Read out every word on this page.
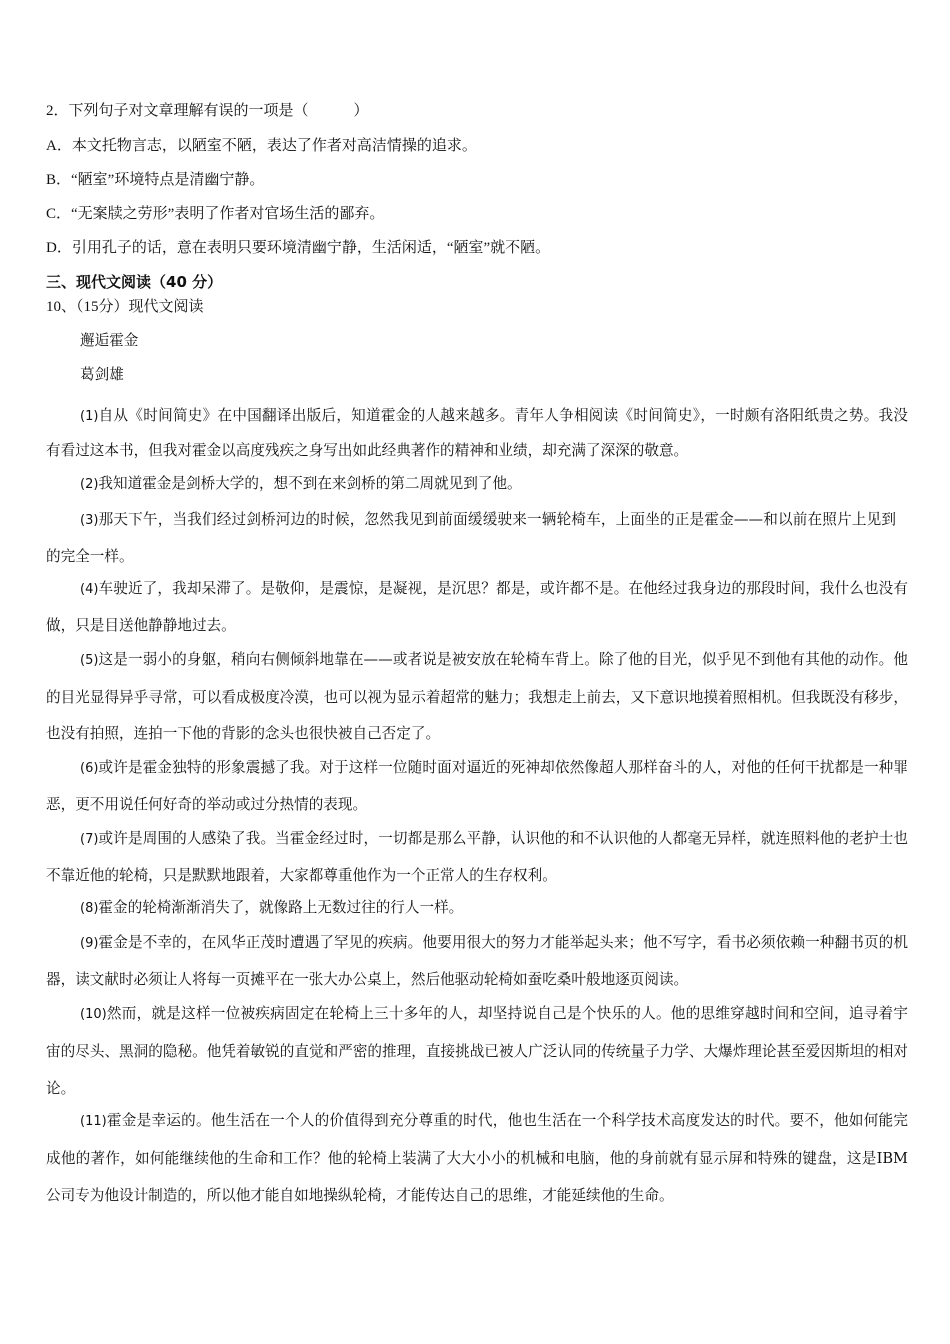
2．下列句子对文章理解有误的一项是（　　　）
A．本文托物言志，以陋室不陋，表达了作者对高洁情操的追求。
B．“陋室”环境特点是清幽宁静。
C．“无案牍之劳形”表明了作者对官场生活的鄙弃。
D．引用孔子的话，意在表明只要环境清幽宁静，生活闲适，“陋室”就不陋。
三、现代文阅读（40 分）
10、（15分）现代文阅读
邂逅霍金
葛剑雄
(1)自从《时间简史》在中国翻译出版后，知道霍金的人越来越多。青年人争相阅读《时间简史》，一时颇有洛阳纸贵之势。我没有看过这本书，但我对霍金以高度残疾之身写出如此经典著作的精神和业绩，却充满了深深的敬意。
(2)我知道霍金是剑桥大学的，想不到在来剑桥的第二周就见到了他。
(3)那天下午，当我们经过剑桥河边的时候，忽然我见到前面缓缓驶来一辆轮椅车，上面坐的正是霍金——和以前在照片上见到的完全一样。
(4)车驶近了，我却呆滞了。是敬仰，是震惊，是凝视，是沉思？都是，或许都不是。在他经过我身边的那段时间，我什么也没有做，只是目送他静静地过去。
(5)这是一弱小的身躯，稍向右侧倾斜地靠在——或者说是被安放在轮椅车背上。除了他的目光，似乎见不到他有其他的动作。他的目光显得异乎寻常，可以看成极度冷漠，也可以视为显示着超常的魅力；我想走上前去，又下意识地摸着照相机。但我既没有移步，也没有拍照，连拍一下他的背影的念头也很快被自己否定了。
(6)或许是霍金独特的形象震撼了我。对于这样一位随时面对逼近的死神却依然像超人那样奋斗的人，对他的任何干扰都是一种罪恶，更不用说任何好奇的举动或过分热情的表现。
(7)或许是周围的人感染了我。当霍金经过时，一切都是那么平静，认识他的和不认识他的人都毫无异样，就连照料他的老护士也不靠近他的轮椅，只是默默地跟着，大家都尊重他作为一个正常人的生存权利。
(8)霍金的轮椅渐渐消失了，就像路上无数过往的行人一样。
(9)霍金是不幸的，在风华正茂时遭遇了罕见的疾病。他要用很大的努力才能举起头来；他不写字，看书必须依赖一种翻书页的机器，读文献时必须让人将每一页摊平在一张大办公桌上，然后他驱动轮椅如蚕吃桑叶般地逐页阅读。
(10)然而，就是这样一位被疾病固定在轮椅上三十多年的人，却坚持说自己是个快乐的人。他的思维穿越时间和空间，追寻着宇宙的尽头、黑洞的隐秘。他凭着敏锐的直觉和严密的推理，直接挑战已被人广泛认同的传统量子力学、大爆炸理论甚至爱因斯坦的相对论。
(11)霍金是幸运的。他生活在一个人的价值得到充分尊重的时代，他也生活在一个科学技术高度发达的时代。要不，他如何能完成他的著作，如何能继续他的生命和工作？他的轮椅上装满了大大小小的机械和电脑，他的身前就有显示屏和特殊的键盘，这是IBM公司专为他设计制造的，所以他才能自如地操纵轮椅，才能传达自己的思维，才能延续他的生命。
